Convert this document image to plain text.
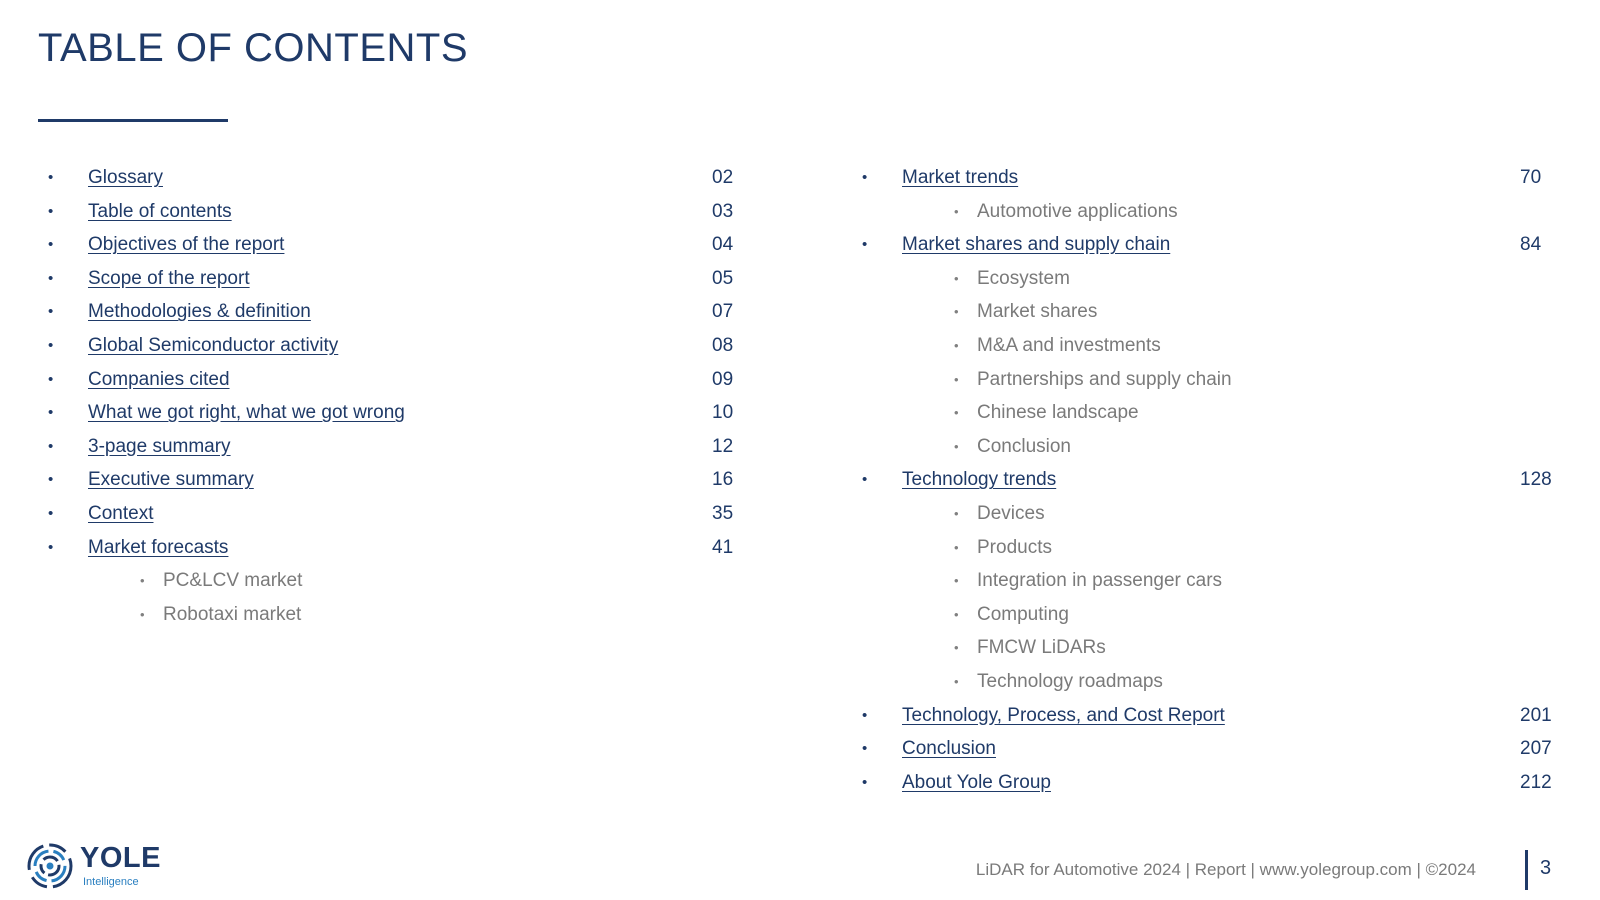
TABLE OF CONTENTS
• Glossary	02
• Table of contents	03
• Objectives of the report	04
• Scope of the report	05
• Methodologies & definition	07
• Global Semiconductor activity	08
• Companies cited	09
• What we got right, what we got wrong	10
• 3-page summary	12
• Executive summary	16
• Context	35
• Market forecasts	41
• PC&LCV market
• Robotaxi market
• Market trends	70
• Automotive applications
• Market shares and supply chain	84
• Ecosystem
• Market shares
• M&A and investments
• Partnerships and supply chain
• Chinese landscape
• Conclusion
• Technology trends	128
• Devices
• Products
• Integration in passenger cars
• Computing
• FMCW LiDARs
• Technology roadmaps
• Technology, Process, and Cost Report	201
• Conclusion	207
• About Yole Group	212
YOLE
Intelligence
LiDAR for Automotive 2024 | Report | www.yolegroup.com | ©2024	3
